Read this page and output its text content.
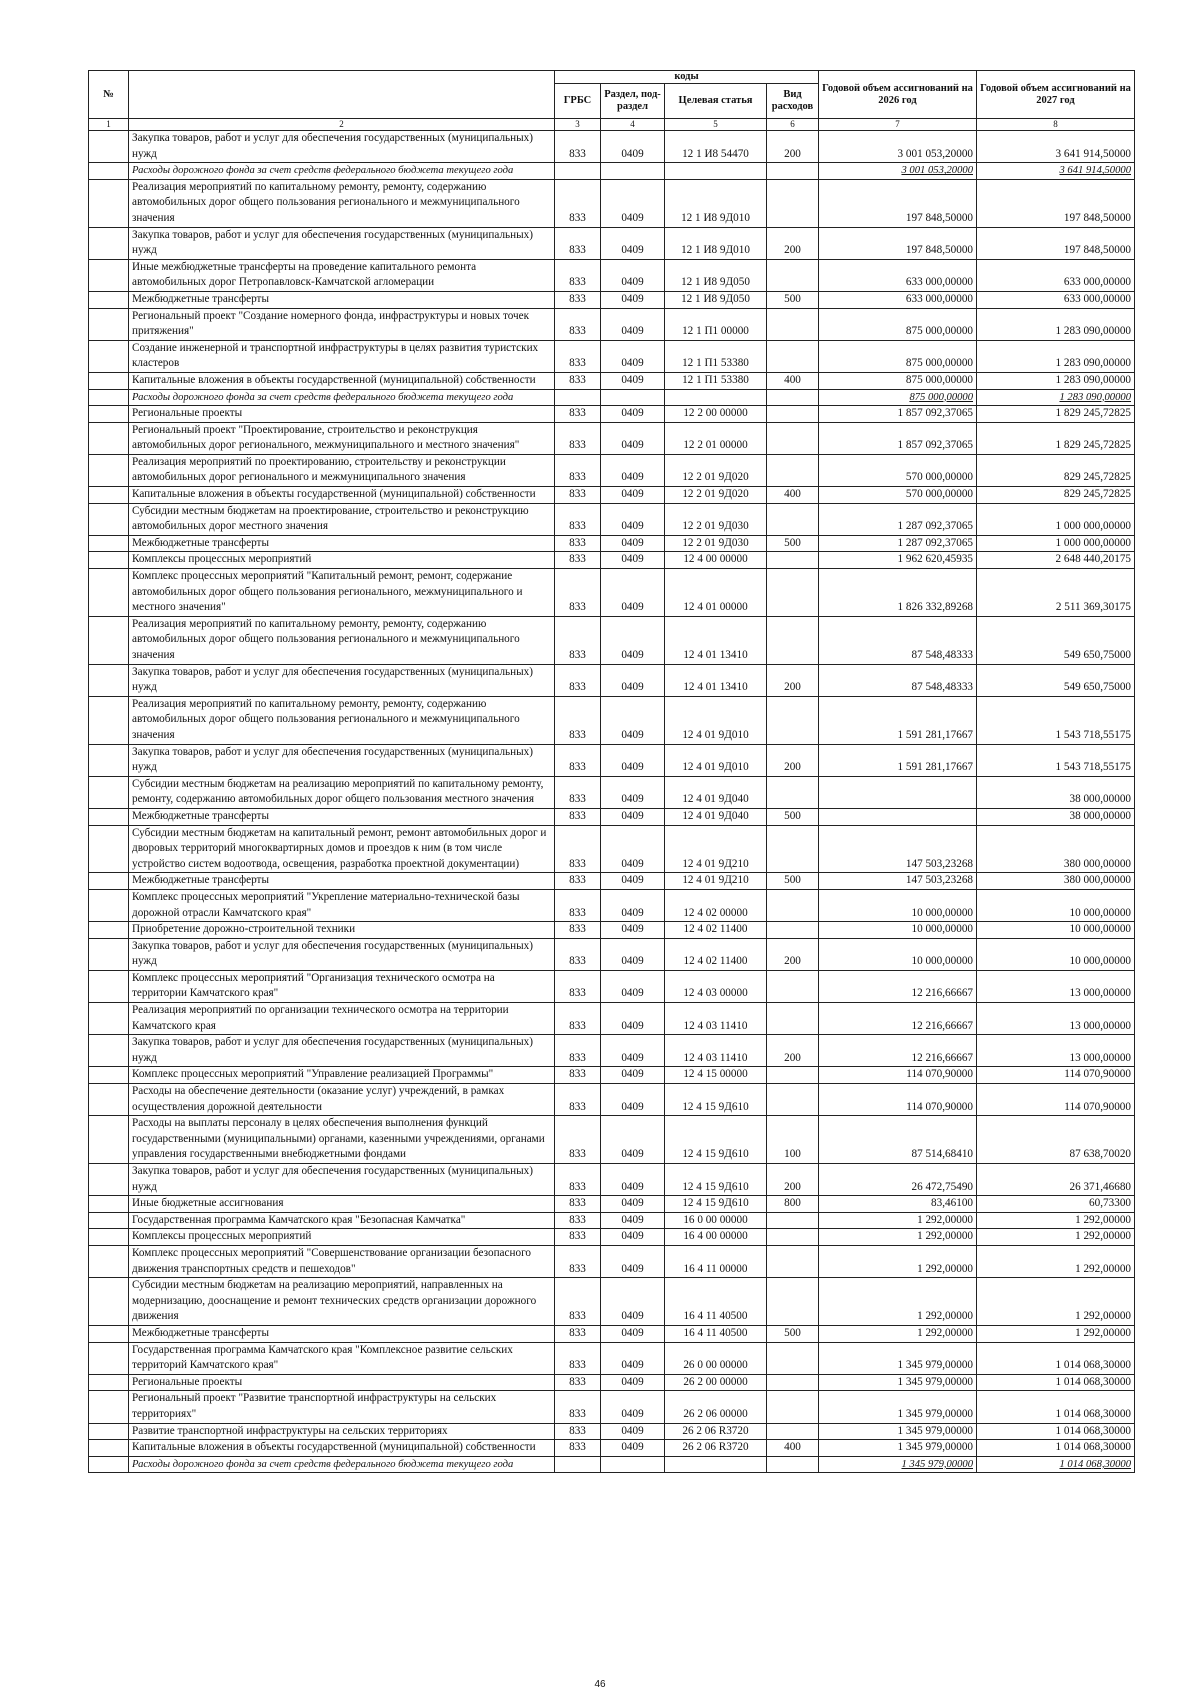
№		коды				Годовой объем ассигнований на 2026 год	Годовой объем ассигнований на 2027 год
		ГРБС	Раздел, под-раздел	Целевая статья	Вид расходов		
1	2	3	4	5	6	7	8
	Закупка товаров, работ и услуг для обеспечения государственных (муниципальных) нужд	833	0409	12 1 И8 54470	200	3 001 053,20000	3 641 914,50000
	Расходы дорожного фонда за счет средств федерального бюджета текущего года					3 001 053,20000	3 641 914,50000
	Реализация мероприятий по капитальному ремонту, ремонту, содержанию автомобильных дорог общего пользования регионального и межмуниципального значения	833	0409	12 1 И8 9Д010		197 848,50000	197 848,50000
	Закупка товаров, работ и услуг для обеспечения государственных (муниципальных) нужд	833	0409	12 1 И8 9Д010	200	197 848,50000	197 848,50000
	Иные межбюджетные трансферты на проведение капитального ремонта автомобильных дорог Петропавловск-Камчатской агломерации	833	0409	12 1 И8 9Д050		633 000,00000	633 000,00000
	Межбюджетные трансферты	833	0409	12 1 И8 9Д050	500	633 000,00000	633 000,00000
	Региональный проект "Создание номерного фонда, инфраструктуры и новых точек притяжения"	833	0409	12 1 П1 00000		875 000,00000	1 283 090,00000
	Создание инженерной и транспортной инфраструктуры в целях развития туристских кластеров	833	0409	12 1 П1 53380		875 000,00000	1 283 090,00000
	Капитальные вложения в объекты государственной (муниципальной) собственности	833	0409	12 1 П1 53380	400	875 000,00000	1 283 090,00000
	Расходы дорожного фонда за счет средств федерального бюджета текущего года					875 000,00000	1 283 090,00000
	Региональные проекты	833	0409	12 2 00 00000		1 857 092,37065	1 829 245,72825
	Региональный проект "Проектирование, строительство и реконструкция автомобильных дорог регионального, межмуниципального и местного значения"	833	0409	12 2 01 00000		1 857 092,37065	1 829 245,72825
	Реализация мероприятий по проектированию, строительству и реконструкции автомобильных дорог регионального и межмуниципального значения	833	0409	12 2 01 9Д020		570 000,00000	829 245,72825
	Капитальные вложения в объекты государственной (муниципальной) собственности	833	0409	12 2 01 9Д020	400	570 000,00000	829 245,72825
	Субсидии местным бюджетам на проектирование, строительство и реконструкцию автомобильных дорог местного значения	833	0409	12 2 01 9Д030		1 287 092,37065	1 000 000,00000
	Межбюджетные трансферты	833	0409	12 2 01 9Д030	500	1 287 092,37065	1 000 000,00000
	Комплексы процессных мероприятий	833	0409	12 4 00 00000		1 962 620,45935	2 648 440,20175
	Комплекс процессных мероприятий "Капитальный ремонт, ремонт, содержание автомобильных дорог общего пользования регионального, межмуниципального и местного значения"	833	0409	12 4 01 00000		1 826 332,89268	2 511 369,30175
	Реализация мероприятий по капитальному ремонту, ремонту, содержанию автомобильных дорог общего пользования регионального и межмуниципального значения	833	0409	12 4 01 13410		87 548,48333	549 650,75000
	Закупка товаров, работ и услуг для обеспечения государственных (муниципальных) нужд	833	0409	12 4 01 13410	200	87 548,48333	549 650,75000
	Реализация мероприятий по капитальному ремонту, ремонту, содержанию автомобильных дорог общего пользования регионального и межмуниципального значения	833	0409	12 4 01 9Д010		1 591 281,17667	1 543 718,55175
	Закупка товаров, работ и услуг для обеспечения государственных (муниципальных) нужд	833	0409	12 4 01 9Д010	200	1 591 281,17667	1 543 718,55175
	Субсидии местным бюджетам на реализацию мероприятий по капитальному ремонту, ремонту, содержанию автомобильных дорог общего пользования местного значения	833	0409	12 4 01 9Д040			38 000,00000
	Межбюджетные трансферты	833	0409	12 4 01 9Д040	500		38 000,00000
	Субсидии местным бюджетам на капитальный ремонт, ремонт автомобильных дорог и дворовых территорий многоквартирных домов и проездов к ним (в том числе устройство систем водоотвода, освещения, разработка проектной документации)	833	0409	12 4 01 9Д210		147 503,23268	380 000,00000
	Межбюджетные трансферты	833	0409	12 4 01 9Д210	500	147 503,23268	380 000,00000
	Комплекс процессных мероприятий "Укрепление материально-технической базы дорожной отрасли Камчатского края"	833	0409	12 4 02 00000		10 000,00000	10 000,00000
	Приобретение дорожно-строительной техники	833	0409	12 4 02 11400		10 000,00000	10 000,00000
	Закупка товаров, работ и услуг для обеспечения государственных (муниципальных) нужд	833	0409	12 4 02 11400	200	10 000,00000	10 000,00000
	Комплекс процессных мероприятий "Организация технического осмотра на территории Камчатского края"	833	0409	12 4 03 00000		12 216,66667	13 000,00000
	Реализация мероприятий по организации технического осмотра на территории Камчатского края	833	0409	12 4 03 11410		12 216,66667	13 000,00000
	Закупка товаров, работ и услуг для обеспечения государственных (муниципальных) нужд	833	0409	12 4 03 11410	200	12 216,66667	13 000,00000
	Комплекс процессных мероприятий "Управление реализацией Программы"	833	0409	12 4 15 00000		114 070,90000	114 070,90000
	Расходы на обеспечение деятельности (оказание услуг) учреждений, в рамках осуществления дорожной деятельности	833	0409	12 4 15 9Д610		114 070,90000	114 070,90000
	Расходы на выплаты персоналу в целях обеспечения выполнения функций государственными (муниципальными) органами, казенными учреждениями, органами управления государственными внебюджетными фондами	833	0409	12 4 15 9Д610	100	87 514,68410	87 638,70020
	Закупка товаров, работ и услуг для обеспечения государственных (муниципальных) нужд	833	0409	12 4 15 9Д610	200	26 472,75490	26 371,46680
	Иные бюджетные ассигнования	833	0409	12 4 15 9Д610	800	83,46100	60,73300
	Государственная программа Камчатского края "Безопасная Камчатка"	833	0409	16 0 00 00000		1 292,00000	1 292,00000
	Комплексы процессных мероприятий	833	0409	16 4 00 00000		1 292,00000	1 292,00000
	Комплекс процессных мероприятий "Совершенствование организации безопасного движения транспортных средств и пешеходов"	833	0409	16 4 11 00000		1 292,00000	1 292,00000
	Субсидии местным бюджетам на реализацию мероприятий, направленных на модернизацию, дооснащение и ремонт технических средств организации дорожного движения	833	0409	16 4 11 40500		1 292,00000	1 292,00000
	Межбюджетные трансферты	833	0409	16 4 11 40500	500	1 292,00000	1 292,00000
	Государственная программа Камчатского края "Комплексное развитие сельских территорий Камчатского края"	833	0409	26 0 00 00000		1 345 979,00000	1 014 068,30000
	Региональные проекты	833	0409	26 2 00 00000		1 345 979,00000	1 014 068,30000
	Региональный проект "Развитие транспортной инфраструктуры на сельских территориях"	833	0409	26 2 06 00000		1 345 979,00000	1 014 068,30000
	Развитие транспортной инфраструктуры на сельских территориях	833	0409	26 2 06 R3720		1 345 979,00000	1 014 068,30000
	Капитальные вложения в объекты государственной (муниципальной) собственности	833	0409	26 2 06 R3720	400	1 345 979,00000	1 014 068,30000
	Расходы дорожного фонда за счет средств федерального бюджета текущего года					1 345 979,00000	1 014 068,30000
46
